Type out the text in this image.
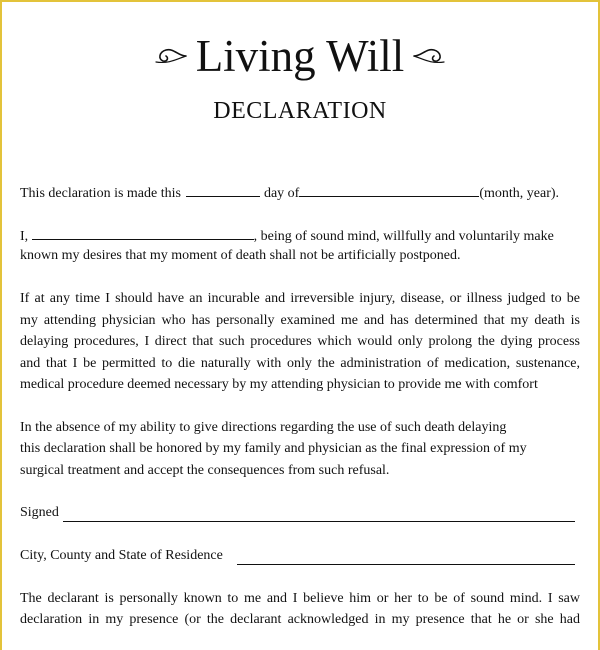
Living Will
DECLARATION
This declaration is made this	day of	(month, year).
I,	, being of sound mind, willfully and voluntarily make
known my desires that my moment of death shall not be artificially postponed.
If at any time I should have an incurable and irreversible injury, disease, or illness judged to be
my attending physician who has personally examined me and has determined that my death is
delaying procedures, I direct that such procedures which would only prolong the dying process
and that I be permitted to die naturally with only the administration of medication, sustenance,
medical procedure deemed necessary by my attending physician to provide me with comfort
In the absence of my ability to give directions regarding the use of such death delaying
this declaration shall be honored by my family and physician as the final expression of my
surgical treatment and accept the consequences from such refusal.
Signed
City, County and State of Residence
The declarant is personally known to me and I believe him or her to be of sound mind. I saw
declaration in my presence (or the declarant acknowledged in my presence that he or she had
